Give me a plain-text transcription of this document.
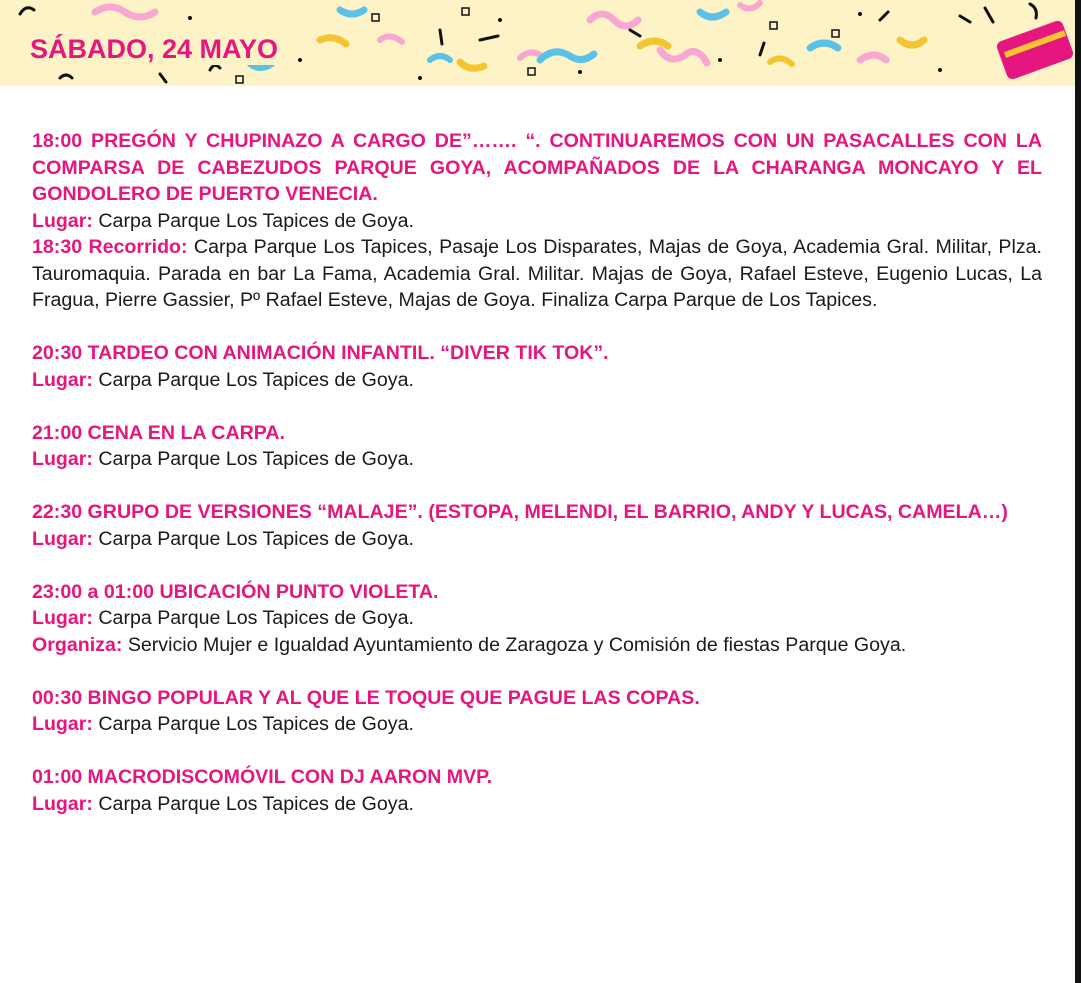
SÁBADO, 24 MAYO
18:00 PREGÓN Y CHUPINAZO A CARGO DE”……. “. CONTINUAREMOS CON UN PASACALLES CON LA COMPARSA DE CABEZUDOS PARQUE GOYA, ACOMPAÑADOS DE LA CHARANGA MONCAYO Y EL GONDOLERO DE PUERTO VENECIA.
Lugar: Carpa Parque Los Tapices de Goya.
18:30 Recorrido: Carpa Parque Los Tapices, Pasaje Los Disparates, Majas de Goya, Academia Gral. Militar, Plza. Tauromaquia. Parada en bar La Fama, Academia Gral. Militar. Majas de Goya, Rafael Esteve, Eugenio Lucas, La Fragua, Pierre Gassier, Pº Rafael Esteve, Majas de Goya. Finaliza Carpa Parque de Los Tapices.
20:30 TARDEO CON ANIMACIÓN INFANTIL. “DIVER TIK TOK”.
Lugar: Carpa Parque Los Tapices de Goya.
21:00 CENA EN LA CARPA.
Lugar: Carpa Parque Los Tapices de Goya.
22:30 GRUPO DE VERSIONES “MALAJE”. (ESTOPA, MELENDI, EL BARRIO, ANDY Y LUCAS, CAMELA…)
Lugar: Carpa Parque Los Tapices de Goya.
23:00 a 01:00 UBICACIÓN PUNTO VIOLETA.
Lugar: Carpa Parque Los Tapices de Goya.
Organiza: Servicio Mujer e Igualdad Ayuntamiento de Zaragoza y Comisión de fiestas Parque Goya.
00:30 BINGO POPULAR Y AL QUE LE TOQUE QUE PAGUE LAS COPAS.
Lugar: Carpa Parque Los Tapices de Goya.
01:00 MACRODISCOMÓVIL CON DJ AARON MVP.
Lugar: Carpa Parque Los Tapices de Goya.
